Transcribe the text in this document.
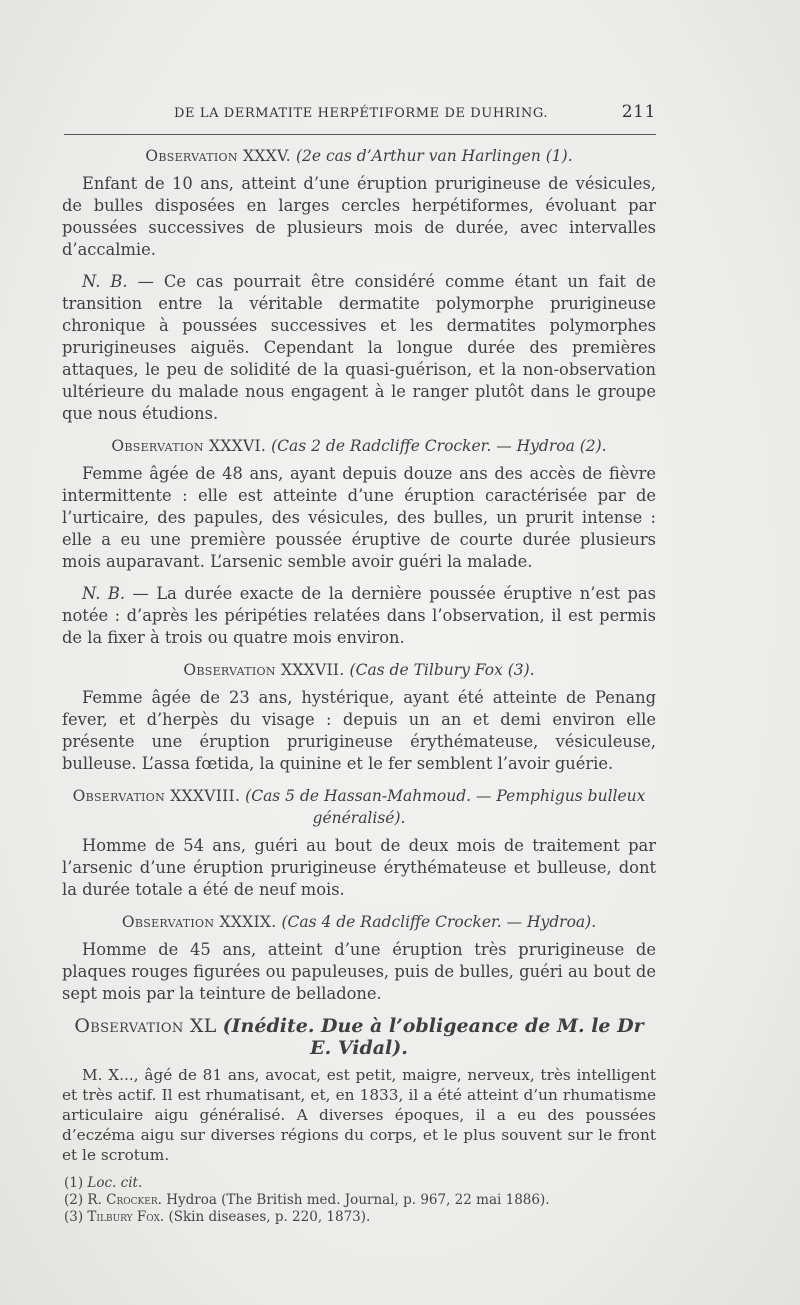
DE LA DERMATITE HERPÉTIFORME DE DUHRING.	211

Observation XXXV. (2e cas d’Arthur van Harlingen (1).

Enfant de 10 ans, atteint d’une éruption prurigineuse de vésicules, de bulles disposées en larges cercles herpétiformes, évoluant par poussées successives de plusieurs mois de durée, avec intervalles d’accalmie.

N. B. — Ce cas pourrait être considéré comme étant un fait de transition entre la véritable dermatite polymorphe prurigineuse chronique à poussées successives et les dermatites polymorphes prurigineuses aiguës. Cependant la longue durée des premières attaques, le peu de solidité de la quasi-guérison, et la non-observation ultérieure du malade nous engagent à le ranger plutôt dans le groupe que nous étudions.

Observation XXXVI. (Cas 2 de Radcliffe Crocker. — Hydroa (2).

Femme âgée de 48 ans, ayant depuis douze ans des accès de fièvre intermittente : elle est atteinte d’une éruption caractérisée par de l’urticaire, des papules, des vésicules, des bulles, un prurit intense : elle a eu une première poussée éruptive de courte durée plusieurs mois auparavant. L’arsenic semble avoir guéri la malade.

N. B. — La durée exacte de la dernière poussée éruptive n’est pas notée : d’après les péripéties relatées dans l’observation, il est permis de la fixer à trois ou quatre mois environ.

Observation XXXVII. (Cas de Tilbury Fox (3).

Femme âgée de 23 ans, hystérique, ayant été atteinte de Penang fever, et d’herpès du visage : depuis un an et demi environ elle présente une éruption prurigineuse érythémateuse, vésiculeuse, bulleuse. L’assa fœtida, la quinine et le fer semblent l’avoir guérie.

Observation XXXVIII. (Cas 5 de Hassan-Mahmoud. — Pemphigus bulleux généralisé).

Homme de 54 ans, guéri au bout de deux mois de traitement par l’arsenic d’une éruption prurigineuse érythémateuse et bulleuse, dont la durée totale a été de neuf mois.

Observation XXXIX. (Cas 4 de Radcliffe Crocker. — Hydroa).

Homme de 45 ans, atteint d’une éruption très prurigineuse de plaques rouges figurées ou papuleuses, puis de bulles, guéri au bout de sept mois par la teinture de belladone.

Observation XL (Inédite. Due à l’obligeance de M. le Dr E. Vidal).

M. X..., âgé de 81 ans, avocat, est petit, maigre, nerveux, très intelligent et très actif. Il est rhumatisant, et, en 1833, il a été atteint d’un rhumatisme articulaire aigu généralisé. A diverses époques, il a eu des poussées d’eczéma aigu sur diverses régions du corps, et le plus souvent sur le front et le scrotum.

(1) Loc. cit.
(2) R. Crocker. Hydroa (The British med. Journal, p. 967, 22 mai 1886).
(3) Tilbury Fox. (Skin diseases, p. 220, 1873).
